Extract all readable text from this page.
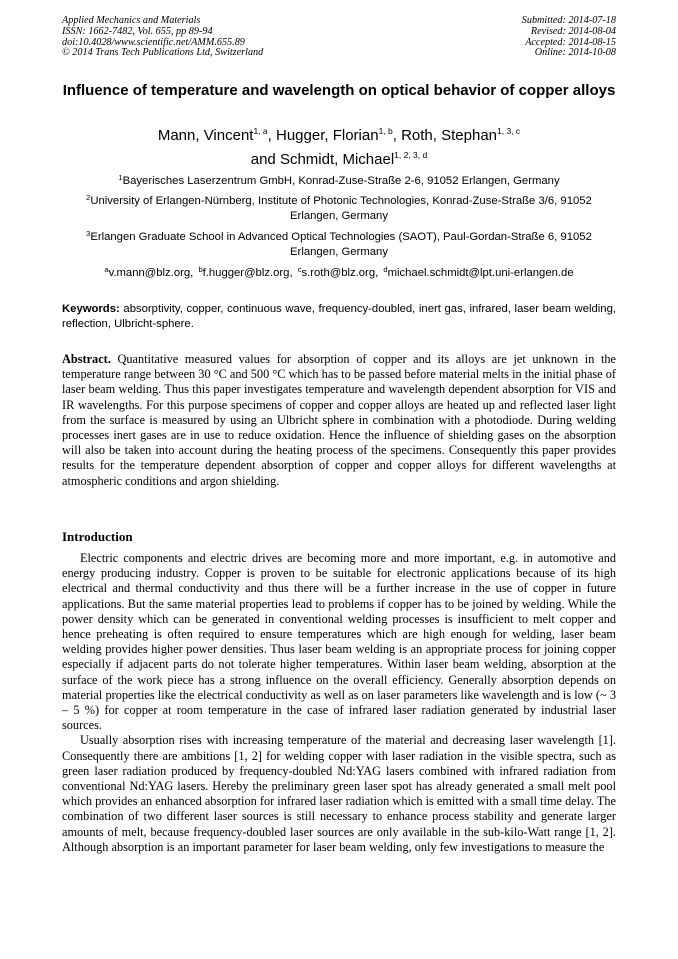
Applied Mechanics and Materials
ISSN: 1662-7482, Vol. 655, pp 89-94
doi:10.4028/www.scientific.net/AMM.655.89
© 2014 Trans Tech Publications Ltd, Switzerland
Submitted: 2014-07-18
Revised: 2014-08-04
Accepted: 2014-08-15
Online: 2014-10-08
Influence of temperature and wavelength on optical behavior of copper alloys
Mann, Vincent$^{1, a}$, Hugger, Florian$^{1, b}$, Roth, Stephan$^{1, 3, c}$
and Schmidt, Michael$^{1, 2, 3, d}$
$^1$Bayerisches Laserzentrum GmbH, Konrad-Zuse-Straße 2-6, 91052 Erlangen, Germany
$^2$University of Erlangen-Nürnberg, Institute of Photonic Technologies, Konrad-Zuse-Straße 3/6, 91052 Erlangen, Germany
$^3$Erlangen Graduate School in Advanced Optical Technologies (SAOT), Paul-Gordan-Straße 6, 91052 Erlangen, Germany
$^a$v.mann@blz.org, $^b$f.hugger@blz.org, $^c$s.roth@blz.org, $^d$michael.schmidt@lpt.uni-erlangen.de
Keywords: absorptivity, copper, continuous wave, frequency-doubled, inert gas, infrared, laser beam welding, reflection, Ulbricht-sphere.
Abstract. Quantitative measured values for absorption of copper and its alloys are jet unknown in the temperature range between 30 °C and 500 °C which has to be passed before material melts in the initial phase of laser beam welding. Thus this paper investigates temperature and wavelength dependent absorption for VIS and IR wavelengths. For this purpose specimens of copper and copper alloys are heated up and reflected laser light from the surface is measured by using an Ulbricht sphere in combination with a photodiode. During welding processes inert gases are in use to reduce oxidation. Hence the influence of shielding gases on the absorption will also be taken into account during the heating process of the specimens. Consequently this paper provides results for the temperature dependent absorption of copper and copper alloys for different wavelengths at atmospheric conditions and argon shielding.
Introduction

Electric components and electric drives are becoming more and more important, e.g. in automotive and energy producing industry. Copper is proven to be suitable for electronic applications because of its high electrical and thermal conductivity and thus there will be a further increase in the use of copper in future applications. But the same material properties lead to problems if copper has to be joined by welding. While the power density which can be generated in conventional welding processes is insufficient to melt copper and hence preheating is often required to ensure temperatures which are high enough for welding, laser beam welding provides higher power densities. Thus laser beam welding is an appropriate process for joining copper especially if adjacent parts do not tolerate higher temperatures. Within laser beam welding, absorption at the surface of the work piece has a strong influence on the overall efficiency. Generally absorption depends on material properties like the electrical conductivity as well as on laser parameters like wavelength and is low (~ 3 – 5 %) for copper at room temperature in the case of infrared laser radiation generated by industrial laser sources.

Usually absorption rises with increasing temperature of the material and decreasing laser wavelength [1]. Consequently there are ambitions [1, 2] for welding copper with laser radiation in the visible spectra, such as green laser radiation produced by frequency-doubled Nd:YAG lasers combined with infrared radiation from conventional Nd:YAG lasers. Hereby the preliminary green laser spot has already generated a small melt pool which provides an enhanced absorption for infrared laser radiation which is emitted with a small time delay. The combination of two different laser sources is still necessary to enhance process stability and generate larger amounts of melt, because frequency-doubled laser sources are only available in the sub-kilo-Watt range [1, 2]. Although absorption is an important parameter for laser beam welding, only few investigations to measure the
